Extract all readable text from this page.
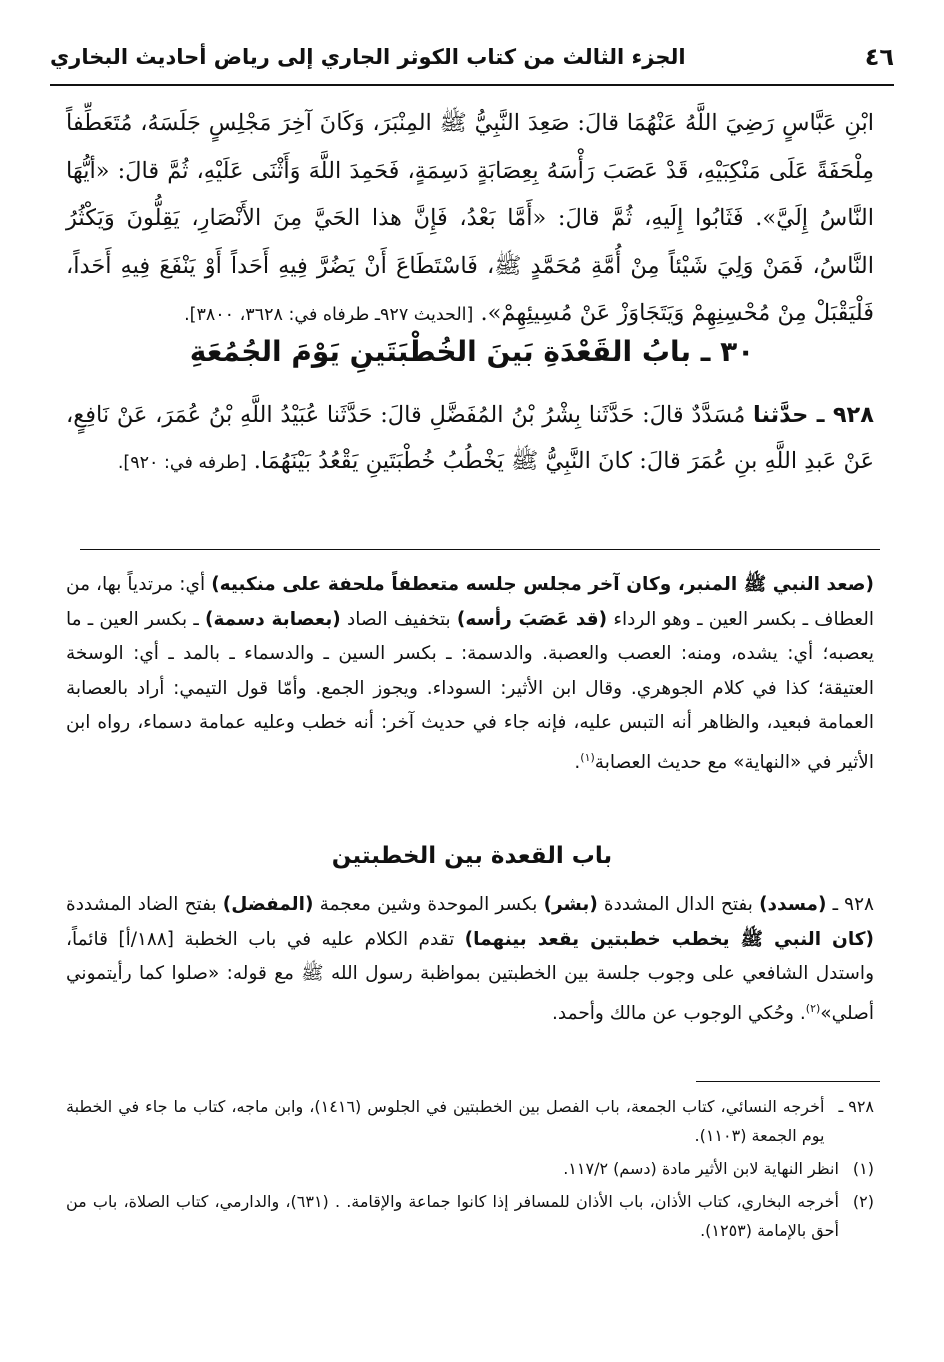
٤٦
الجزء الثالث من كتاب الكوثر الجاري إلى رياض أحاديث البخاري
ابْنِ عَبَّاسٍ رَضِيَ اللَّهُ عَنْهُمَا قالَ: صَعِدَ النَّبِيُّ ﷺ المِنْبَرَ، وَكَانَ آخِرَ مَجْلِسٍ جَلَسَهُ، مُتَعَطِّفاً مِلْحَفَةً عَلَى مَنْكِبَيْهِ، قَدْ عَصَبَ رَأْسَهُ بِعِصَابَةٍ دَسِمَةٍ، فَحَمِدَ اللَّهَ وَأَثْنَى عَلَيْهِ، ثُمَّ قالَ: «أيُّهَا النَّاسُ إِلَيَّ». فَثَابُوا إِلَيهِ، ثُمَّ قالَ: «أَمَّا بَعْدُ، فَإِنَّ هذا الحَيَّ مِنَ الأَنْصَارِ، يَقِلُّونَ وَيَكْثُرُ النَّاسُ، فَمَنْ وَلِيَ شَيْئاً مِنْ أُمَّةِ مُحَمَّدٍ ﷺ، فَاسْتَطَاعَ أَنْ يَضُرَّ فِيهِ أَحَداً أَوْ يَنْفَعَ فِيهِ أَحَداً، فَلْيَقْبَلْ مِنْ مُحْسِنِهِمْ وَيَتَجَاوَزْ عَنْ مُسِيئِهِمْ». [الحديث ٩٢٧ـ طرفاه في: ٣٦٢٨، ٣٨٠٠].
٣٠ ـ بابُ القَعْدَةِ بَينَ الخُطْبَتَينِ يَوْمَ الجُمُعَةِ
٩٢٨ ـ حدَّثنا مُسَدَّدٌ قالَ: حَدَّثَنا بِشْرُ بْنُ المُفَضَّلِ قالَ: حَدَّثَنا عُبَيْدُ اللَّهِ بْنُ عُمَرَ، عَنْ نَافِعٍ، عَنْ عَبدِ اللَّهِ بنِ عُمَرَ قالَ: كانَ النَّبِيُّ ﷺ يَخْطُبُ خُطْبَتَينِ يَقْعُدُ بَيْنَهُمَا. [طرفه في: ٩٢٠].
(صعد النبي ﷺ المنبر، وكان آخر مجلس جلسه متعطفاً ملحفة على منكبيه) أي: مرتدياً بها، من العطاف ـ بكسر العين ـ وهو الرداء (قد عَصَبَ رأسه) بتخفيف الصاد (بعصابة دسمة) ـ بكسر العين ـ ما يعصبه؛ أي: يشده، ومنه: العصب والعصبة. والدسمة: ـ بكسر السين ـ والدسماء ـ بالمد ـ أي: الوسخة العتيقة؛ كذا في كلام الجوهري. وقال ابن الأثير: السوداء. ويجوز الجمع. وأمّا قول التيمي: أراد بالعصابة العمامة فبعيد، والظاهر أنه التبس عليه، فإنه جاء في حديث آخر: أنه خطب وعليه عمامة دسماء، رواه ابن الأثير في «النهاية» مع حديث العصابة$^{(١)}$.
باب القعدة بين الخطبتين
٩٢٨ ـ (مسدد) بفتح الدال المشددة (بشر) بكسر الموحدة وشين معجمة (المفضل) بفتح الضاد المشددة (كان النبي ﷺ يخطب خطبتين يقعد بينهما) تقدم الكلام عليه في باب الخطبة [١٨٨/أ] قائماً، واستدل الشافعي على وجوب جلسة بين الخطبتين بمواظبة رسول الله ﷺ مع قوله: «صلوا كما رأيتموني أصلي»$^{(٢)}$. وحُكي الوجوب عن مالك وأحمد.
٩٢٨ ـ
أخرجه النسائي، كتاب الجمعة، باب الفصل بين الخطبتين في الجلوس (١٤١٦)، وابن ماجه، كتاب ما جاء في الخطبة يوم الجمعة (١١٠٣).
(١)
انظر النهاية لابن الأثير مادة (دسم) ١١٧/٢.
(٢)
أخرجه البخاري، كتاب الأذان، باب الأذان للمسافر إذا كانوا جماعة والإقامة. . (٦٣١)، والدارمي، كتاب الصلاة، باب من أحق بالإمامة (١٢٥٣).
